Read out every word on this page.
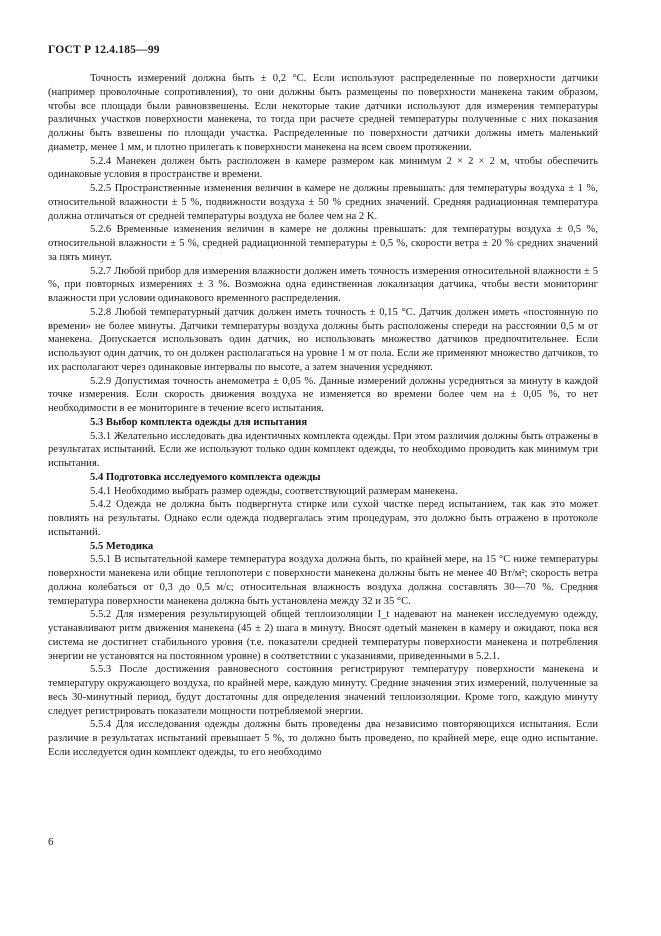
ГОСТ Р 12.4.185—99

Точность измерений должна быть ± 0,2 °С. Если используют распределенные по поверхности датчики (например проволочные сопротивления), то они должны быть размещены по поверхности манекена таким образом, чтобы все площади были равновзвешены. Если некоторые такие датчики используют для измерения температуры различных участков поверхности манекена, то тогда при расчете средней температуры полученные с них показания должны быть взвешены по площади участка. Распределенные по поверхности датчики должны иметь маленький диаметр, менее 1 мм, и плотно прилегать к поверхности манекена на всем своем протяжении.

5.2.4 Манекен должен быть расположен в камере размером как минимум 2 × 2 × 2 м, чтобы обеспечить одинаковые условия в пространстве и времени.

5.2.5 Пространственные изменения величин в камере не должны превышать: для температуры воздуха ± 1 %, относительной влажности ± 5 %, подвижности воздуха ± 50 % средних значений. Средняя радиационная температура должна отличаться от средней температуры воздуха не более чем на 2 K.

5.2.6 Временные изменения величин в камере не должны превышать: для температуры воздуха ± 0,5 %, относительной влажности ± 5 %, средней радиационной температуры ± 0,5 %, скорости ветра ± 20 % средних значений за пять минут.

5.2.7 Любой прибор для измерения влажности должен иметь точность измерения относительной влажности ± 5 %, при повторных измерениях ± 3 %. Возможна одна единственная локализация датчика, чтобы вести мониторинг влажности при условии одинакового временного распределения.

5.2.8 Любой температурный датчик должен иметь точность ± 0,15 °С. Датчик должен иметь «постоянную по времени» не более минуты. Датчики температуры воздуха должны быть расположены спереди на расстоянии 0,5 м от манекена. Допускается использовать один датчик, но использовать множество датчиков предпочтительнее. Если используют один датчик, то он должен располагаться на уровне 1 м от пола. Если же применяют множество датчиков, то их располагают через одинаковые интервалы по высоте, а затем значения усредняют.

5.2.9 Допустимая точность анемометра ± 0,05 %. Данные измерений должны усредняться за минуту в каждой точке измерения. Если скорость движения воздуха не изменяется во времени более чем на ± 0,05 %, то нет необходимости в ее мониторинге в течение всего испытания.

5.3 Выбор комплекта одежды для испытания

5.3.1 Желательно исследовать два идентичных комплекта одежды. При этом различия должны быть отражены в результатах испытаний. Если же используют только один комплект одежды, то необходимо проводить как минимум три испытания.

5.4 Подготовка исследуемого комплекта одежды

5.4.1 Необходимо выбрать размер одежды, соответствующий размерам манекена.

5.4.2 Одежда не должна быть подвергнута стирке или сухой чистке перед испытанием, так как это может повлиять на результаты. Однако если одежда подвергалась этим процедурам, это должно быть отражено в протоколе испытаний.

5.5 Методика

5.5.1 В испытательной камере температура воздуха должна быть, по крайней мере, на 15 °С ниже температуры поверхности манекена или общие теплопотери с поверхности манекена должны быть не менее 40 Вт/м²; скорость ветра должна колебаться от 0,3 до 0,5 м/с; относительная влажность воздуха должна составлять 30—70 %. Средняя температура поверхности манекена должна быть установлена между 32 и 35 °С.

5.5.2 Для измерения результирующей общей теплоизоляции I_t надевают на манекен исследуемую одежду, устанавливают ритм движения манекена (45 ± 2) шага в минуту. Вносят одетый манекен в камеру и ожидают, пока вся система не достигнет стабильного уровня (т.е. показатели средней температуры поверхности манекена и потребления энергии не установятся на постоянном уровне) в соответствии с указаниями, приведенными в 5.2.1.

5.5.3 После достижения равновесного состояния регистрируют температуру поверхности манекена и температуру окружающего воздуха, по крайней мере, каждую минуту. Средние значения этих измерений, полученные за весь 30-минутный период, будут достаточны для определения значений теплоизоляции. Кроме того, каждую минуту следует регистрировать показатели мощности потребляемой энергии.

5.5.4 Для исследования одежды должны быть проведены два независимо повторяющихся испытания. Если различие в результатах испытаний превышает 5 %, то должно быть проведено, по крайней мере, еще одно испытание. Если исследуется один комплект одежды, то его необходимо

6
